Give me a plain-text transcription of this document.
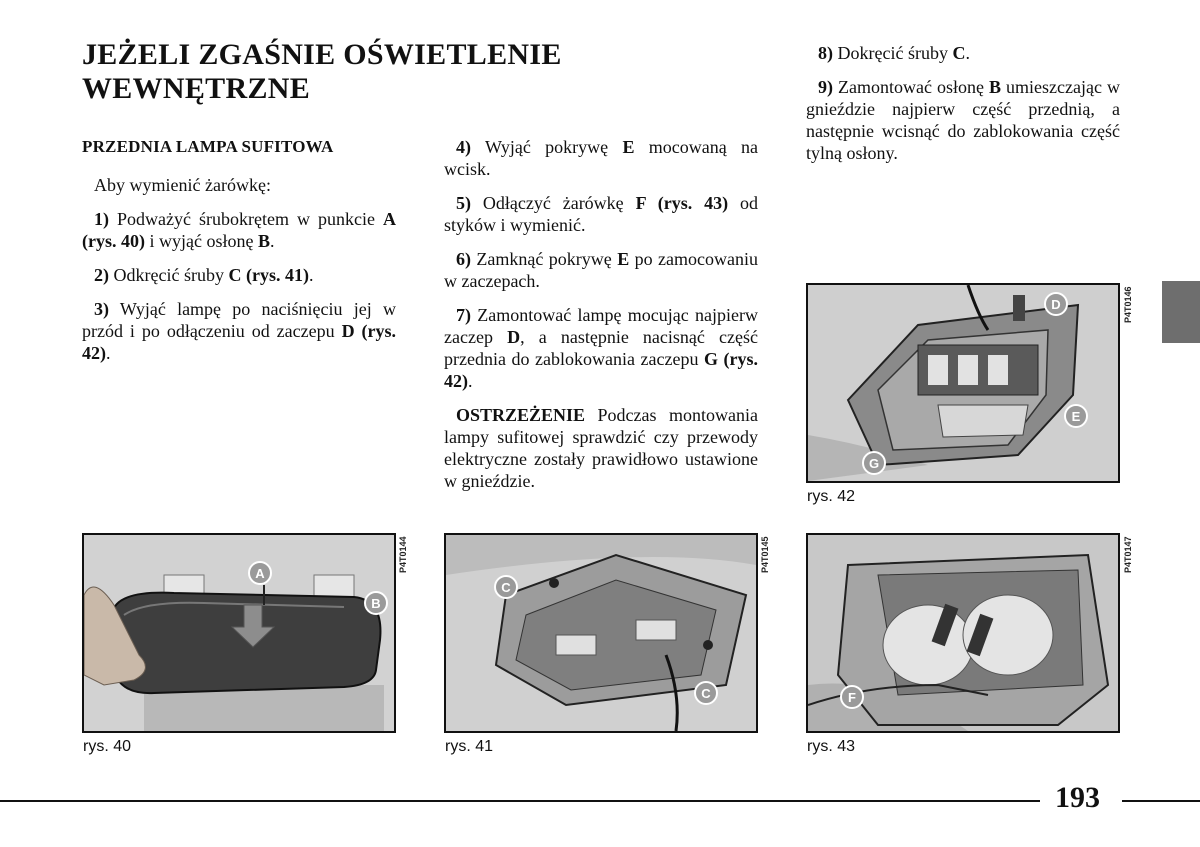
JEŻELI ZGAŚNIE OŚWIETLENIE WEWNĘTRZNE
PRZEDNIA LAMPA SUFITOWA

Aby wymienić żarówkę:

1) Podważyć śrubokrętem w punkcie A (rys. 40) i wyjąć osłonę B.

2) Odkręcić śruby C (rys. 41).

3) Wyjąć lampę po naciśnięciu jej w przód i po odłączeniu od zaczepu D (rys. 42).

4) Wyjąć pokrywę E mocowaną na wcisk.

5) Odłączyć żarówkę F (rys. 43) od styków i wymienić.

6) Zamknąć pokrywę E po zamocowaniu w zaczepach.

7) Zamontować lampę mocując najpierw zaczep D, a następnie nacisnąć część przednia do zablokowania zaczepu G (rys. 42).

OSTRZEŻENIE Podczas montowania lampy sufitowej sprawdzić czy przewody elektryczne zostały prawidłowo ustawione w gnieździe.

8) Dokręcić śruby C.

9) Zamontować osłonę B umieszczając w gnieździe najpierw część przednią, a następnie wcisnąć do zablokowania część tylną osłony.

D
E
G
P4T0146
rys. 42
A
B
P4T0144
rys. 40
C
C
P4T0145
rys. 41
F
P4T0147
rys. 43
193
